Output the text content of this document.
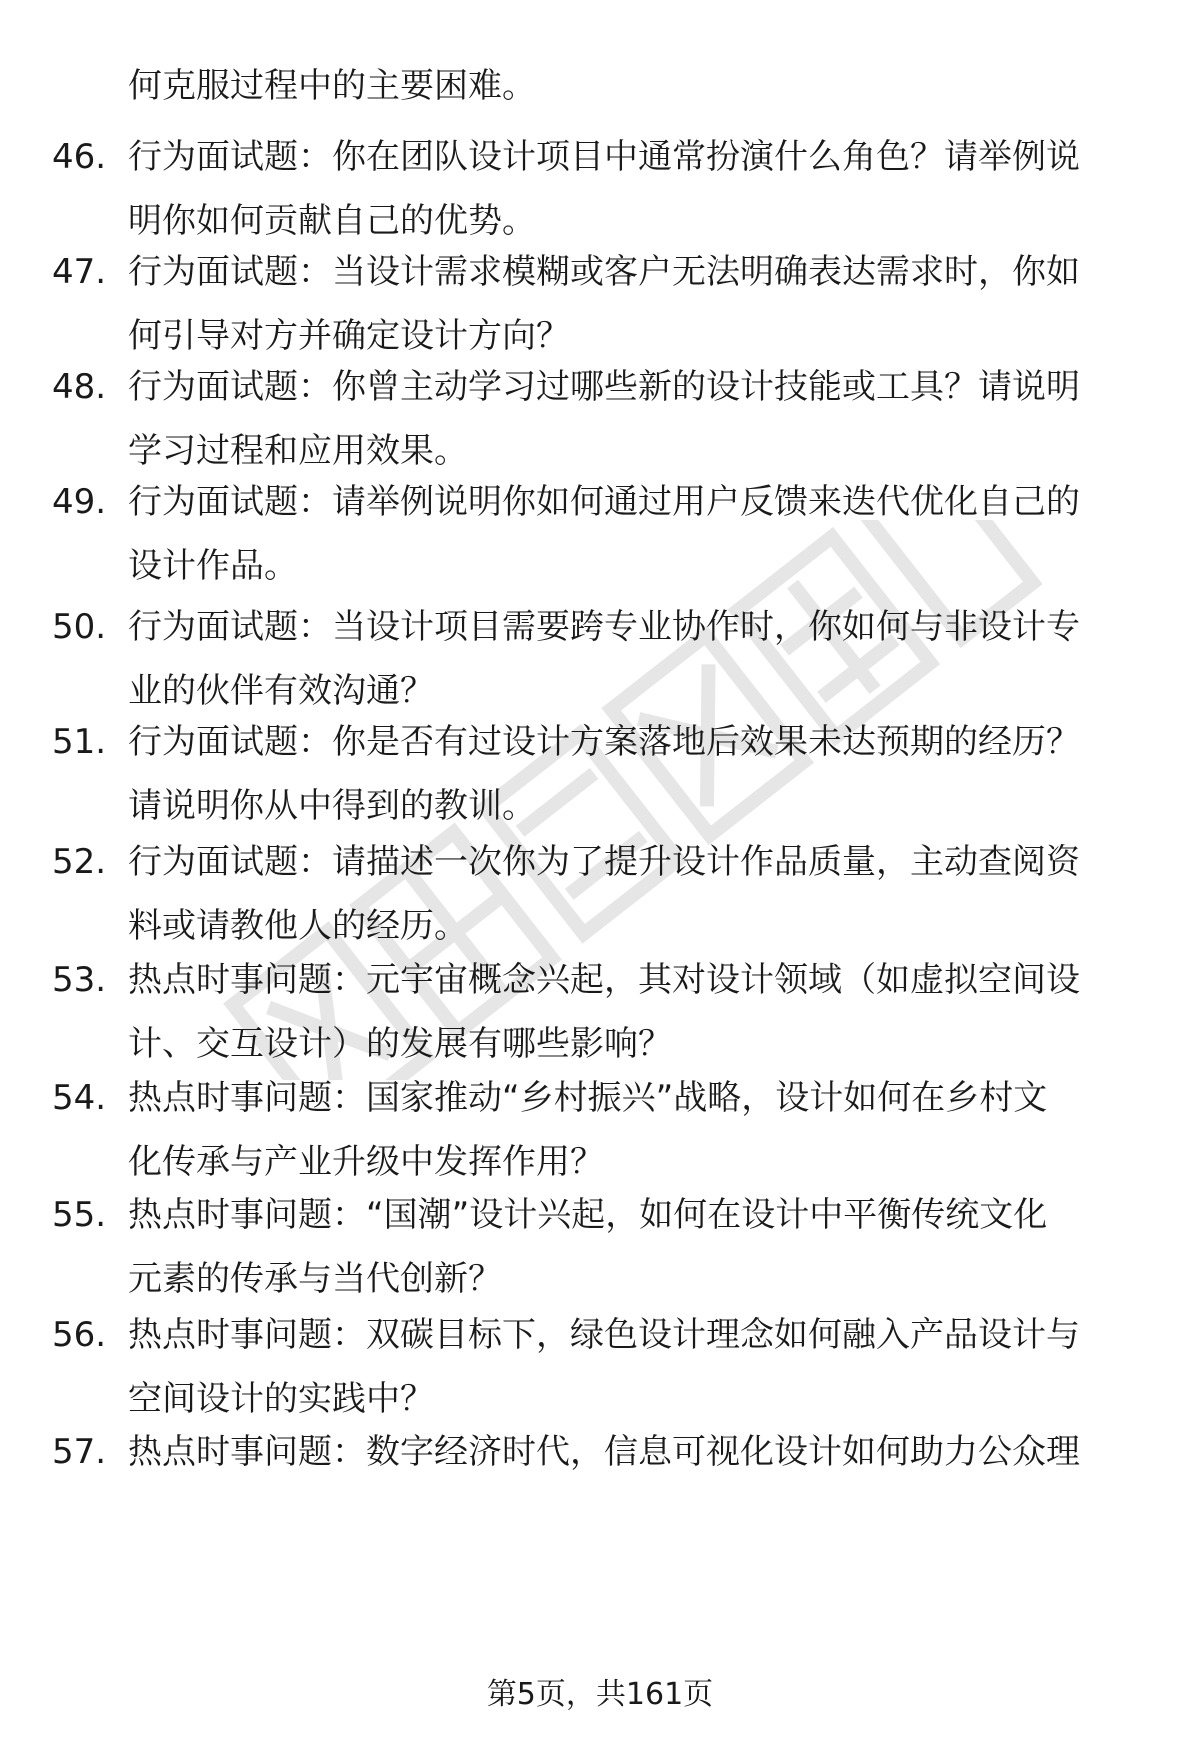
何克服过程中的主要困难。
46. 行为面试题：你在团队设计项目中通常扮演什么角色？请举例说
明你如何贡献自己的优势。
47. 行为面试题：当设计需求模糊或客户无法明确表达需求时，你如
何引导对方并确定设计方向？
48. 行为面试题：你曾主动学习过哪些新的设计技能或工具？请说明
学习过程和应用效果。
49. 行为面试题：请举例说明你如何通过用户反馈来迭代优化自己的
设计作品。
50. 行为面试题：当设计项目需要跨专业协作时，你如何与非设计专
业的伙伴有效沟通？
51. 行为面试题：你是否有过设计方案落地后效果未达预期的经历？
请说明你从中得到的教训。
52. 行为面试题：请描述一次你为了提升设计作品质量，主动查阅资
料或请教他人的经历。
53. 热点时事问题：元宇宙概念兴起，其对设计领域（如虚拟空间设
计、交互设计）的发展有哪些影响？
54. 热点时事问题：国家推动“乡村振兴”战略，设计如何在乡村文
化传承与产业升级中发挥作用？
55. 热点时事问题：“国潮”设计兴起，如何在设计中平衡传统文化
元素的传承与当代创新？
56. 热点时事问题：双碳目标下，绿色设计理念如何融入产品设计与
空间设计的实践中？
57. 热点时事问题：数字经济时代，信息可视化设计如何助力公众理
第5页，共161页
